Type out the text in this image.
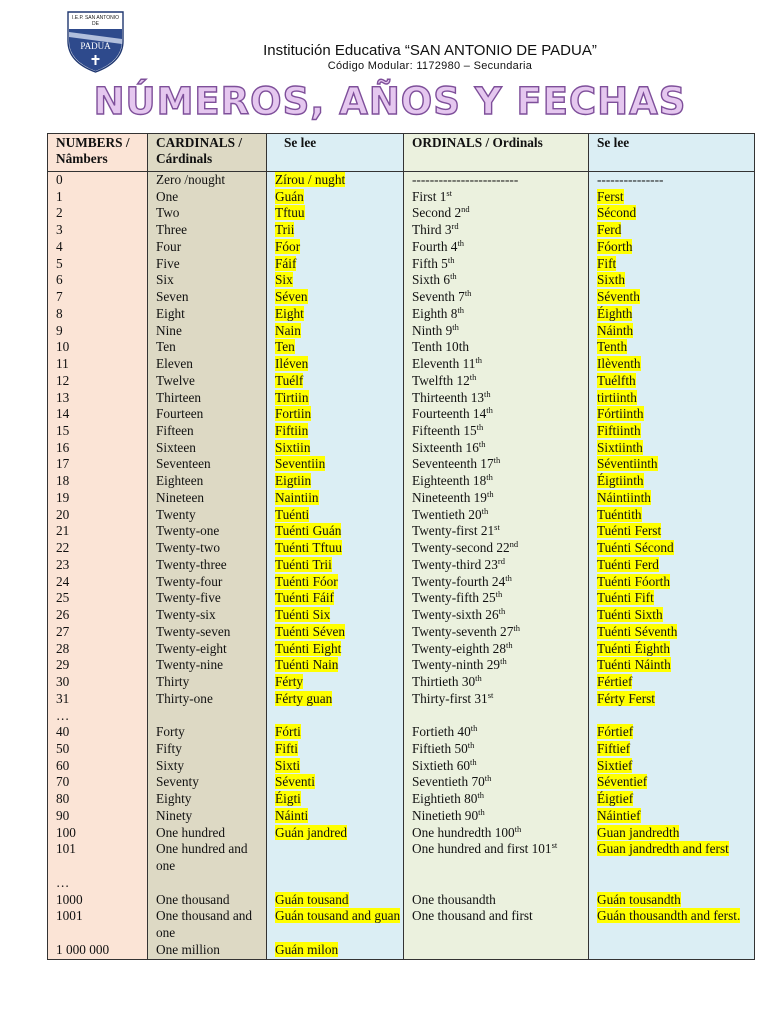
I.E.P. SAN ANTONIO
DE
PADUA	Institución Educativa “SAN ANTONIO DE PADUA”
Código Modular: 1172980 – Secundaria
NÚMEROS, AÑOS Y FECHAS
NUMBERS / Nâmbers	CARDINALS / Cárdinals	Se lee	ORDINALS / Ordinals	Se lee
0	Zero /nought	Zírou / nught	------------------------	---------------
1	One	Guán	First 1st	Ferst
2	Two	Tftuu	Second 2nd	Sécond
3	Three	Trii	Third 3rd	Ferd
4	Four	Fóor	Fourth 4th	Fóorth
5	Five	Fáif	Fifth 5th	Fift
6	Six	Six	Sixth 6th	Sixth
7	Seven	Séven	Seventh 7th	Séventh
8	Eight	Eight	Eighth 8th	Éighth
9	Nine	Nain	Ninth 9th	Náinth
10	Ten	Ten	Tenth 10th	Tenth
11	Eleven	Iléven	Eleventh 11th	Ilèventh
12	Twelve	Tuélf	Twelfth 12th	Tuélfth
13	Thirteen	Tirtiin	Thirteenth 13th	tirtiinth
14	Fourteen	Fortiin	Fourteenth 14th	Fórtiinth
15	Fifteen	Fiftiin	Fifteenth 15th	Fiftiinth
16	Sixteen	Sixtiin	Sixteenth 16th	Sixtiinth
17	Seventeen	Seventiin	Seventeenth 17th	Séventiinth
18	Eighteen	Eigtiin	Eighteenth 18th	Éigtiinth
19	Nineteen	Naintiin	Nineteenth 19th	Náintiinth
20	Twenty	Tuénti	Twentieth 20th	Tuéntith
21	Twenty-one	Tuénti Guán	Twenty-first 21st	Tuénti Ferst
22	Twenty-two	Tuénti Tftuu	Twenty-second 22nd	Tuénti Sécond
23	Twenty-three	Tuénti Trii	Twenty-third 23rd	Tuénti Ferd
24	Twenty-four	Tuénti Fóor	Twenty-fourth 24th	Tuénti Fóorth
25	Twenty-five	Tuénti Fáif	Twenty-fifth 25th	Tuénti Fift
26	Twenty-six	Tuénti Six	Twenty-sixth 26th	Tuénti Sixth
27	Twenty-seven	Tuénti Séven	Twenty-seventh 27th	Tuénti Séventh
28	Twenty-eight	Tuénti Eight	Twenty-eighth 28th	Tuénti Éighth
29	Twenty-nine	Tuénti Nain	Twenty-ninth 29th	Tuénti Náinth
30	Thirty	Férty	Thirtieth 30th	Fértief
31	Thirty-one	Férty guan	Thirty-first 31st	Férty Ferst
…				
40	Forty	Fórti	Fortieth 40th	Fórtief
50	Fifty	Fifti	Fiftieth 50th	Fiftief
60	Sixty	Sixti	Sixtieth 60th	Sixtief
70	Seventy	Séventi	Seventieth 70th	Séventief
80	Eighty	Éigti	Eightieth 80th	Éigtief
90	Ninety	Náinti	Ninetieth 90th	Náintief
100	One hundred	Guán jandred	One hundredth 100th	Guan jandredth
101	One hundred and one		One hundred and first 101st	Guan jandredth and ferst
…				
1000	One thousand	Guán tousand	One thousandth	Guán tousandth
1001	One thousand and one	Guán tousand and guan	One thousand and first	Guán thousandth and ferst.
1 000 000	One million	Guán milon		
